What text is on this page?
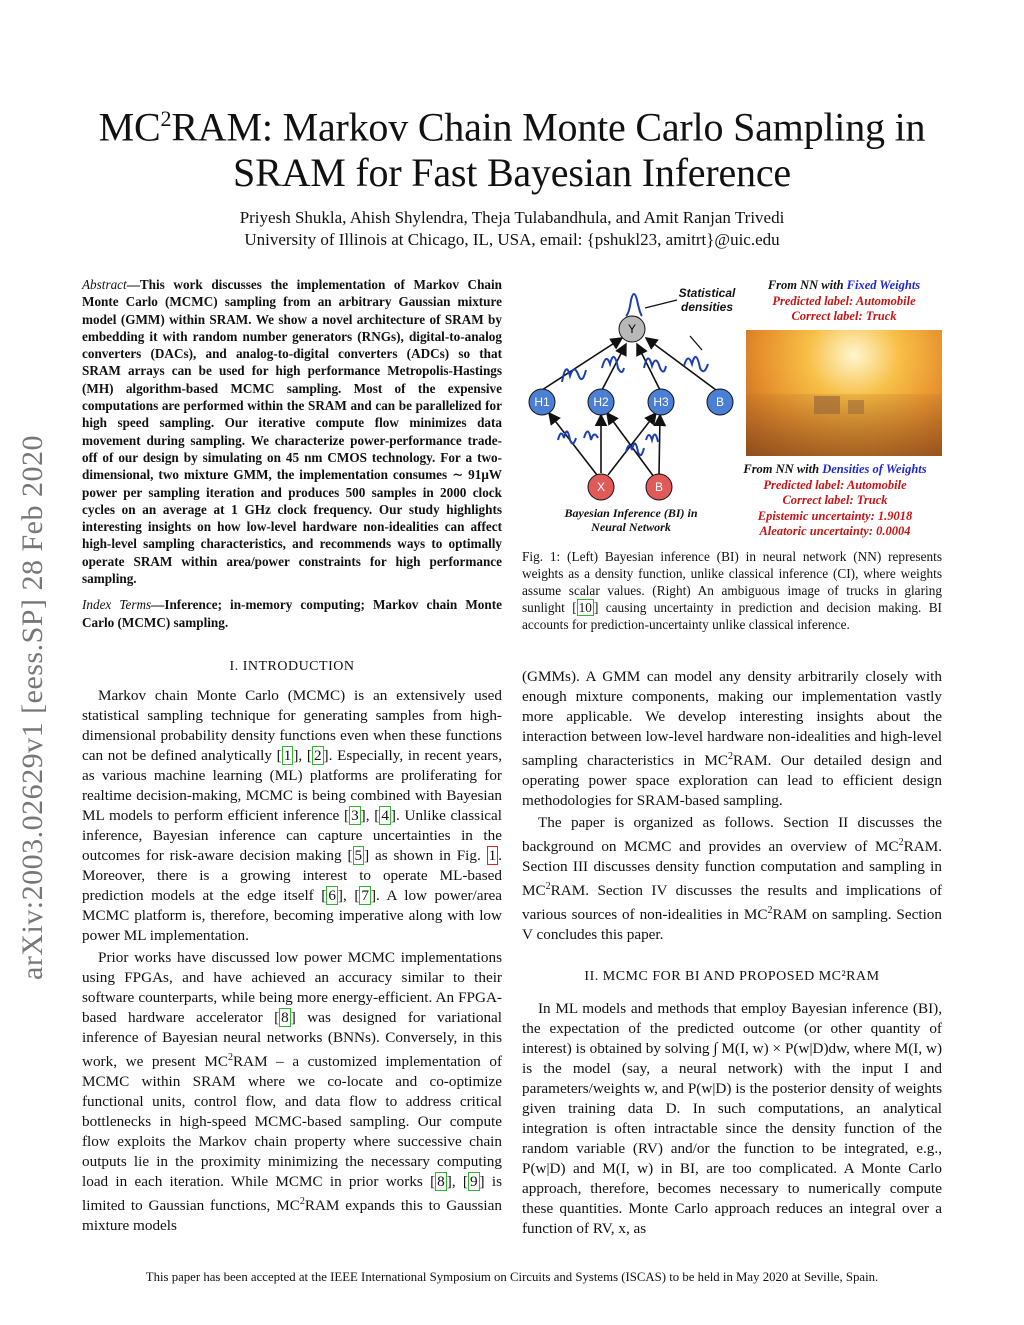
$MC^2RAM$: Markov Chain Monte Carlo Sampling in
SRAM for Fast Bayesian Inference
Priyesh Shukla, Ahish Shylendra, Theja Tulabandhula, and Amit Ranjan Trivedi
University of Illinois at Chicago, IL, USA, email: {pshukl23, amitrt}@uic.edu
arXiv:2003.02629v1 [eess.SP] 28 Feb 2020
Abstract—This work discusses the implementation of Markov Chain Monte Carlo (MCMC) sampling from an arbitrary Gaussian mixture model (GMM) within SRAM. We show a novel architecture of SRAM by embedding it with random number generators (RNGs), digital-to-analog converters (DACs), and analog-to-digital converters (ADCs) so that SRAM arrays can be used for high performance Metropolis-Hastings (MH) algorithm-based MCMC sampling. Most of the expensive computations are performed within the SRAM and can be parallelized for high speed sampling. Our iterative compute flow minimizes data movement during sampling. We characterize power-performance trade-off of our design by simulating on 45 nm CMOS technology. For a two-dimensional, two mixture GMM, the implementation consumes ∼ 91μW power per sampling iteration and produces 500 samples in 2000 clock cycles on an average at 1 GHz clock frequency. Our study highlights interesting insights on how low-level hardware non-idealities can affect high-level sampling characteristics, and recommends ways to optimally operate SRAM within area/power constraints for high performance sampling.
Index Terms—Inference; in-memory computing; Markov chain Monte Carlo (MCMC) sampling.
I. INTRODUCTION

Markov chain Monte Carlo (MCMC) is an extensively used statistical sampling technique for generating samples from high-dimensional probability density functions even when these functions can not be defined analytically [ 1 ], [ 2 ]. Especially, in recent years, as various machine learning (ML) platforms are proliferating for realtime decision-making, MCMC is being combined with Bayesian ML models to perform efficient inference [ 3 ], [ 4 ]. Unlike classical inference, Bayesian inference can capture uncertainties in the outcomes for risk-aware decision making [ 5 ] as shown in Fig. 1 . Moreover, there is a growing interest to operate ML-based prediction models at the edge itself [ 6 ], [ 7 ]. A low power/area MCMC platform is, therefore, becoming imperative along with low power ML implementation.

Prior works have discussed low power MCMC implementations using FPGAs, and have achieved an accuracy similar to their software counterparts, while being more energy-efficient. An FPGA-based hardware accelerator [ 8 ] was designed for variational inference of Bayesian neural networks (BNNs). Conversely, in this work, we present $MC^2RAM$ – a customized implementation of MCMC within SRAM where we co-locate and co-optimize functional units, control flow, and data flow to address critical bottlenecks in high-speed MCMC-based sampling. Our compute flow exploits the Markov chain property where successive chain outputs lie in the proximity minimizing the necessary computing load in each iteration. While MCMC in prior works [ 8 ], [ 9 ] is limited to Gaussian functions, $MC^2RAM$ expands this to Gaussian mixture models

Y
H1	H2	H3	B
X	B
Statistical densities
Bayesian Inference (BI) in Neural Network
From NN with Fixed Weights
Predicted label: Automobile
Correct label: Truck
From NN with Densities of Weights
Predicted label: Automobile
Correct label: Truck
Epistemic uncertainty: 1.9018
Aleatoric uncertainty: 0.0004
Fig. 1: (Left) Bayesian inference (BI) in neural network (NN) represents weights as a density function, unlike classical inference (CI), where weights assume scalar values. (Right) An ambiguous image of trucks in glaring sunlight [ 10 ] causing uncertainty in prediction and decision making. BI accounts for prediction-uncertainty unlike classical inference.

(GMMs). A GMM can model any density arbitrarily closely with enough mixture components, making our implementation vastly more applicable. We develop interesting insights about the interaction between low-level hardware non-idealities and high-level sampling characteristics in $MC^2RAM$. Our detailed design and operating power space exploration can lead to efficient design methodologies for SRAM-based sampling.

The paper is organized as follows. Section II discusses the background on MCMC and provides an overview of $MC^2RAM$. Section III discusses density function computation and sampling in $MC^2RAM$. Section IV discusses the results and implications of various sources of non-idealities in $MC^2RAM$ on sampling. Section V concludes this paper.

II. MCMC FOR BI AND PROPOSED MC²RAM

In ML models and methods that employ Bayesian inference (BI), the expectation of the predicted outcome (or other quantity of interest) is obtained by solving ∫ M(I, w) × P(w|D)dw, where M(I, w) is the model (say, a neural network) with the input I and parameters/weights w, and P(w|D) is the posterior density of weights given training data D. In such computations, an analytical integration is often intractable since the density function of the random variable (RV) and/or the function to be integrated, e.g., P(w|D) and M(I, w) in BI, are too complicated. A Monte Carlo approach, therefore, becomes necessary to numerically compute these quantities. Monte Carlo approach reduces an integral over a function of RV, x, as

This paper has been accepted at the IEEE International Symposium on Circuits and Systems (ISCAS) to be held in May 2020 at Seville, Spain.
